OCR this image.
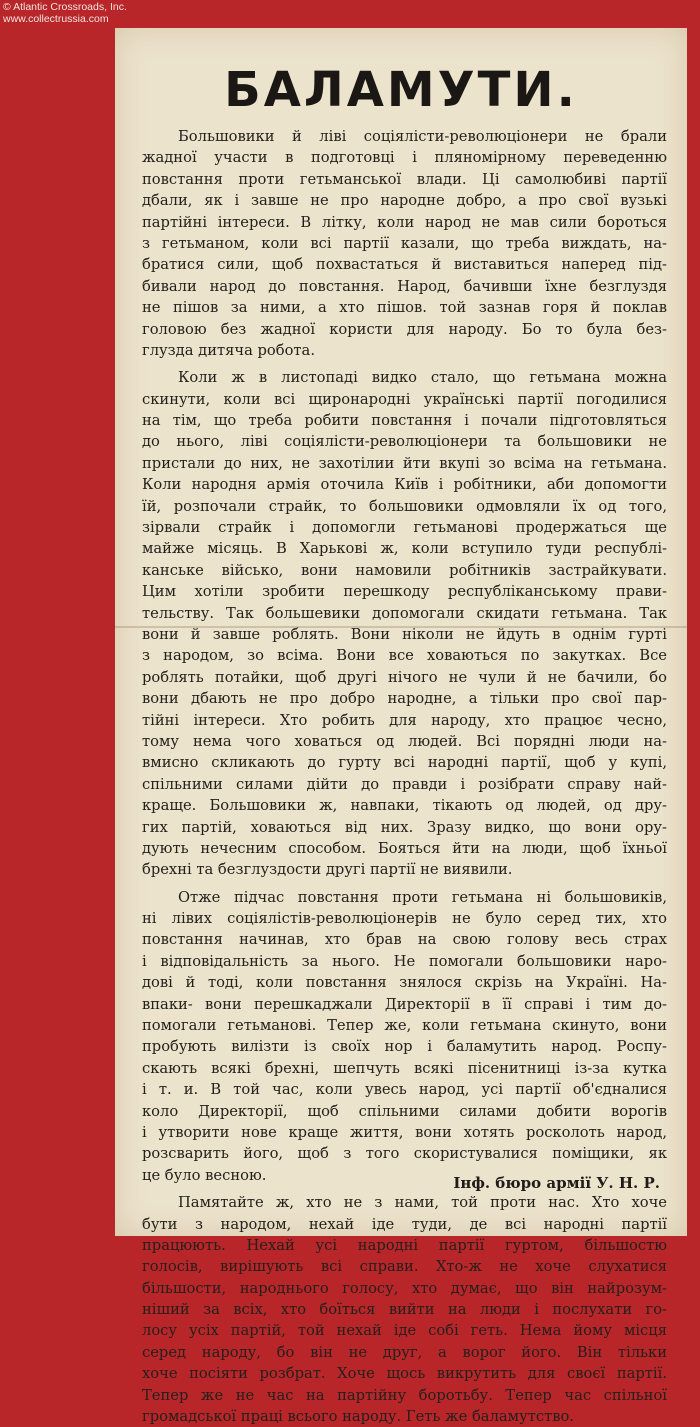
© Atlantic Crossroads, Inc.
www.collectrussia.com
БАЛАМУТИ.
Большовики й ліві соціялісти-революціонери не брали
жадної участи в подготовці і пляномірному переведенню
повстання проти гетьманської влади. Ці самолюбиві партії
дбали, як і завше не про народне добро, а про свої вузькі
партійні інтереси. В літку, коли народ не мав сили бороться
з гетьманом, коли всі партії казали, що треба виждать, на-
братися сили, щоб похвастаться й виставиться наперед під-
бивали народ до повстання. Народ, бачивши їхне безглуздя
не пішов за ними, а хто пішов. той зазнав горя й поклав
головою без жадної користи для народу. Бо то була без-
глузда дитяча робота.
Коли ж в листопаді видко стало, що гетьмана можна
скинути, коли всі щиронародні українські партії погодилися
на тім, що треба робити повстання і почали підготовляться
до нього, ліві соціялісти-революціонери та большовики не
пристали до них, не захотілии йти вкупі зо всіма на гетьмана.
Коли народня армія отoчила Київ і робітники, аби допомогти
їй, розпочали страйк, то большовики одмовляли їх од того,
зірвали страйк і допомогли гетьманові продержаться ще
майже місяць. В Харькові ж, коли вступило туди республі-
канське військо, вони намовили робітників застрайкувати.
Цим хотіли зробити перешкоду республіканському прави-
тельству. Так большевики допомогали скидати гетьмана. Так
вони й завше роблять. Вони ніколи не йдуть в однім гурті
з народом, зо всіма. Вони все ховаються по закутках. Все
роблять потайки, щоб другі нічого не чули й не бачили, бо
вони дбають не про добро народне, а тільки про свої пар-
тійні інтереси. Хто робить для народу, хто працює чесно,
тому нема чого ховаться од людей. Всі порядні люди на-
вмисно скликають до гурту всі народні партії, щоб у купі,
спільними силами дійти до правди і розібрати справу най-
краще. Большовики ж, навпаки, тікають од людей, од дру-
гих партій, ховаються від них. Зразу видко, що вони ору-
дують нечесним способом. Бояться йти на люди, щоб їхньої
брехні та безглуздости другі партії не виявили.
Отже підчас повстання проти гетьмана ні большовиків,
ні лівих соціялістів-революціонерів не було серед тих, хто
повстання начинав, хто брав на свою голову весь страх
і відповідальність за нього. Не помогали большовики наро-
дові й тоді, коли повстання знялося скрізь на Україні. На-
впаки- вони перешкаджали Директорії в її справі і тим до-
помогали гетьманові. Тепер же, коли гетьмана скинуто, вони
пробують вилізти із своїх нор і баламутить народ. Роспу-
скають всякі брехні, шепчуть всякі пісенитниці із-за кутка
і т. и. В той час, коли увесь народ, усі партії об'єдналися
коло Директорії, щоб спільними силами добити ворогів
і утворити нове краще життя, вони хотять росколоть народ,
розсварить його, щоб з того скористувалися поміщики, як
це було весною.
Памятайте ж, хто не з нами, той проти нас. Хто хоче
бути з народом, нехай іде туди, де всі народні партії
працюють. Нехай усі народні партії гуртом, більшостю
голосів, вирішують всі справи. Хто-ж не хоче слухатися
більшости, народнього голосу, хто думає, що він найрозум-
ніший за всіх, хто боїться вийти на люди і послухати го-
лосу усіх партій, той нехай іде собі геть. Нема йому місця
серед народу, бо він не друг, а ворог його. Він тільки
хоче посіяти розбрат. Хоче щось викрутить для своєї партії.
Тепер же не час на партійну боротьбу. Тепер час спільної
громадської праці всього народу. Геть же баламутство.
Інф. бюро армії У. Н. Р.
